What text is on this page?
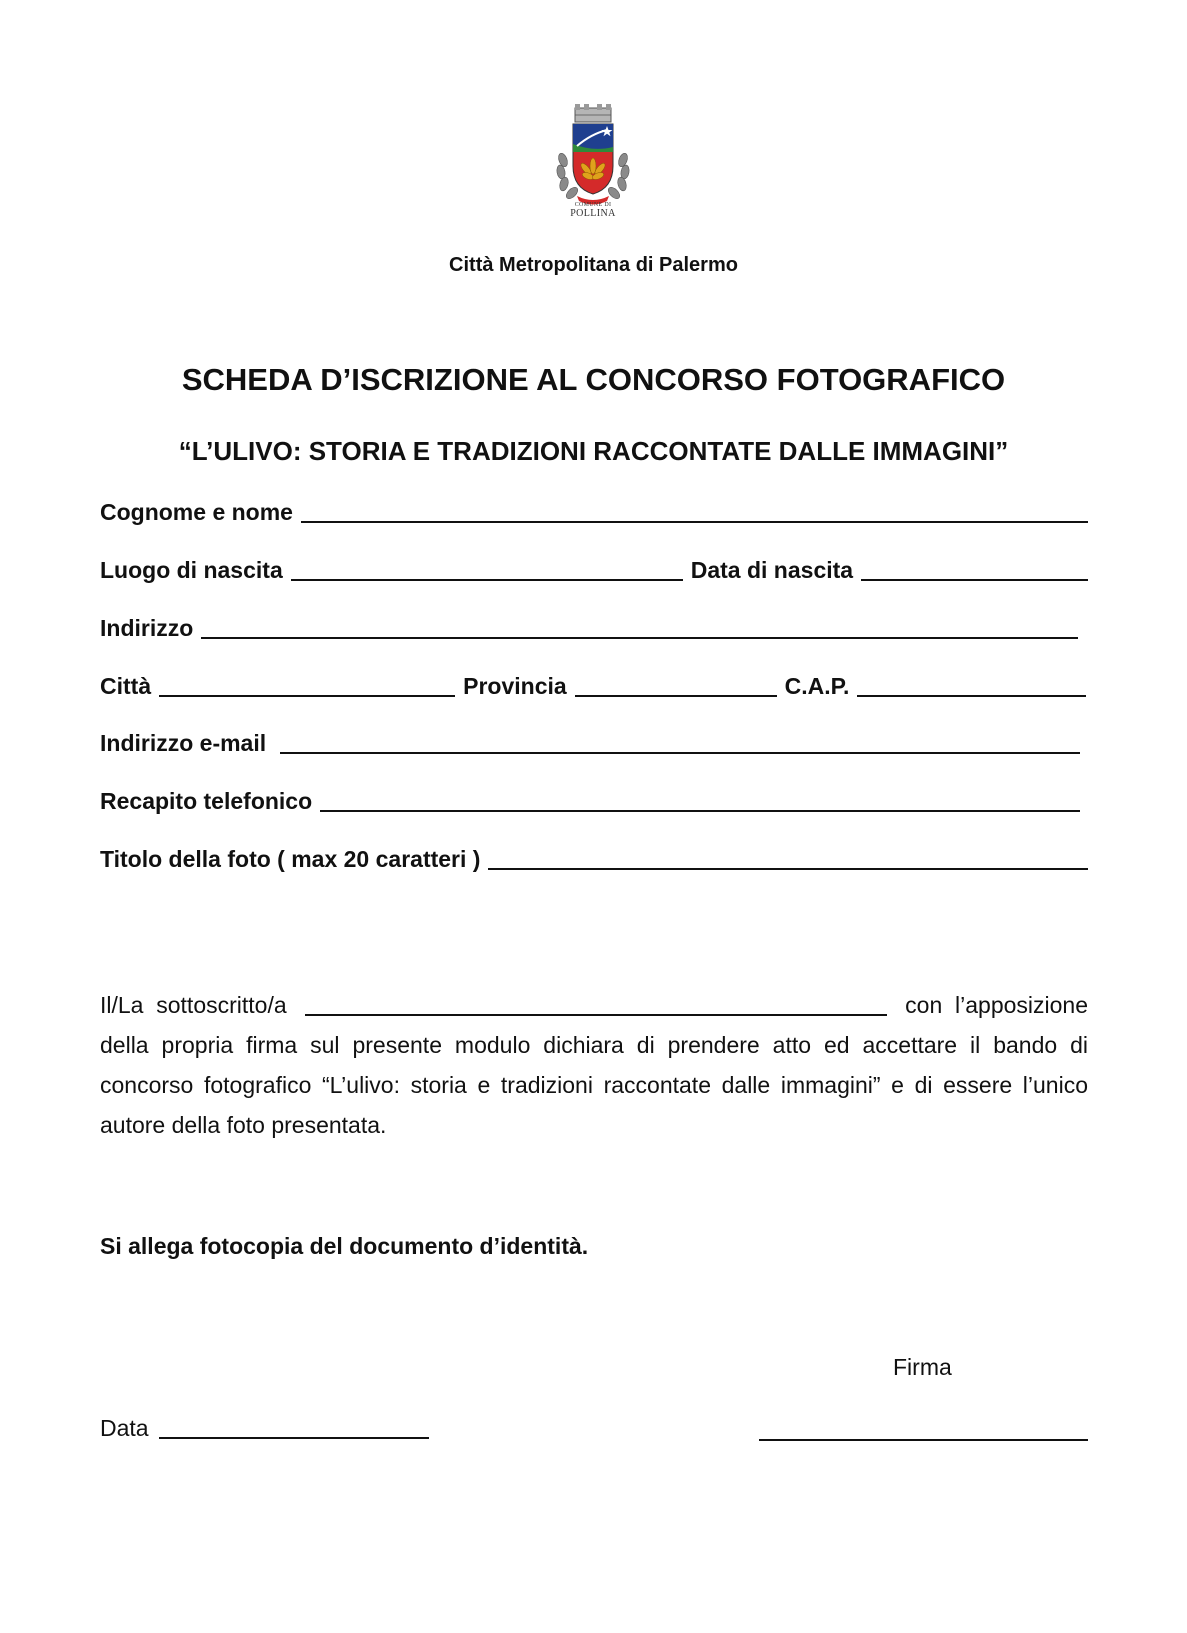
COMUNE DI
POLLINA
Città Metropolitana di Palermo
SCHEDA D’ISCRIZIONE AL CONCORSO FOTOGRAFICO
“L’ULIVO: STORIA E TRADIZIONI RACCONTATE DALLE IMMAGINI”
Cognome e nome
Luogo di nascita	Data di nascita
Indirizzo
Città	Provincia	C.A.P.
Indirizzo e-mail
Recapito telefonico
Titolo della foto ( max 20 caratteri )
Il/La  sottoscritto/a	con  l’apposizione
della propria firma sul presente modulo dichiara di prendere atto ed accettare il bando di concorso fotografico “L’ulivo: storia e tradizioni raccontate dalle immagini” e di essere l’unico autore della foto presentata.
Si allega fotocopia del documento d’identità.
Firma
Data
